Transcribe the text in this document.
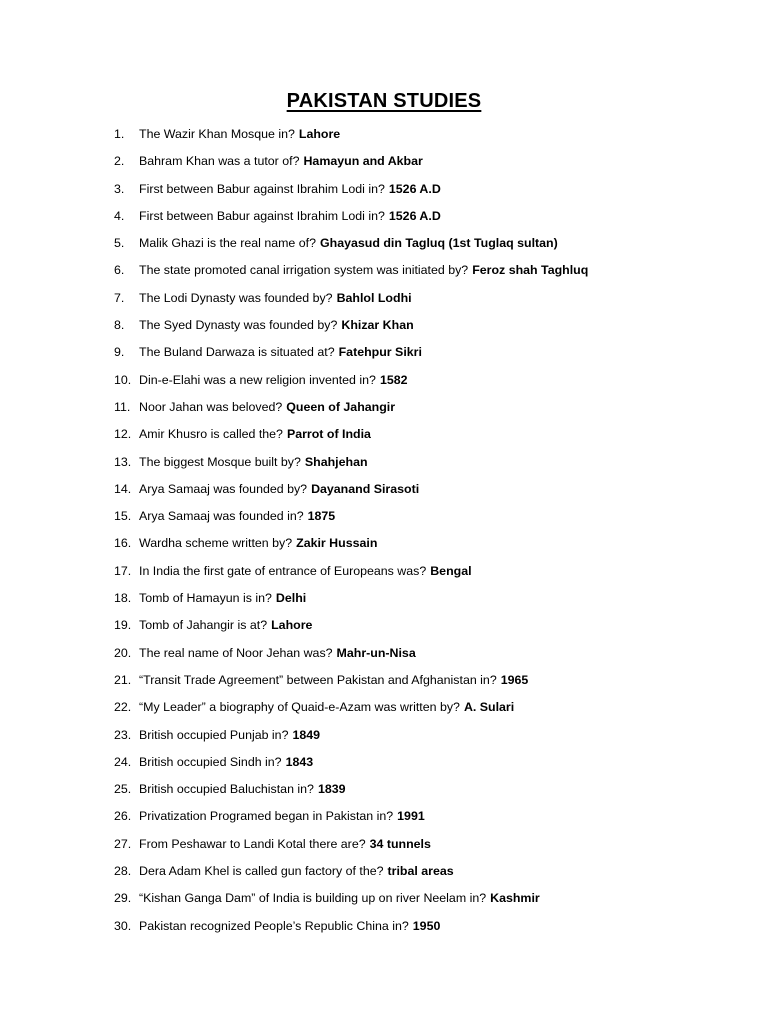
PAKISTAN STUDIES
1.	The Wazir Khan Mosque in? Lahore
2.	Bahram Khan was a tutor of? Hamayun and Akbar
3.	First between Babur against Ibrahim Lodi in? 1526 A.D
4.	First between Babur against Ibrahim Lodi in? 1526 A.D
5.	Malik Ghazi is the real name of? Ghayasud din Tagluq (1st Tuglaq sultan)
6.	The state promoted canal irrigation system was initiated by? Feroz shah Taghluq
7.	The Lodi Dynasty was founded by? Bahlol Lodhi
8.	The Syed Dynasty was founded by? Khizar Khan
9.	The Buland Darwaza is situated at? Fatehpur Sikri
10. Din-e-Elahi was a new religion invented in? 1582
11. Noor Jahan was beloved? Queen of Jahangir
12. Amir Khusro is called the? Parrot of India
13. The biggest Mosque built by? Shahjehan
14. Arya Samaaj was founded by? Dayanand Sirasoti
15. Arya Samaaj was founded in? 1875
16. Wardha scheme written by? Zakir Hussain
17. In India the first gate of entrance of Europeans was? Bengal
18. Tomb of Hamayun is in? Delhi
19. Tomb of Jahangir is at? Lahore
20. The real name of Noor Jehan was? Mahr-un-Nisa
21. “Transit Trade Agreement” between Pakistan and Afghanistan in? 1965
22. “My Leader” a biography of Quaid-e-Azam was written by? A. Sulari
23. British occupied Punjab in? 1849
24. British occupied Sindh in? 1843
25. British occupied Baluchistan in? 1839
26. Privatization Programed began in Pakistan in? 1991
27. From Peshawar to Landi Kotal there are? 34 tunnels
28. Dera Adam Khel is called gun factory of the? tribal areas
29. “Kishan Ganga Dam” of India is building up on river Neelam in? Kashmir
30. Pakistan recognized People’s Republic China in? 1950
